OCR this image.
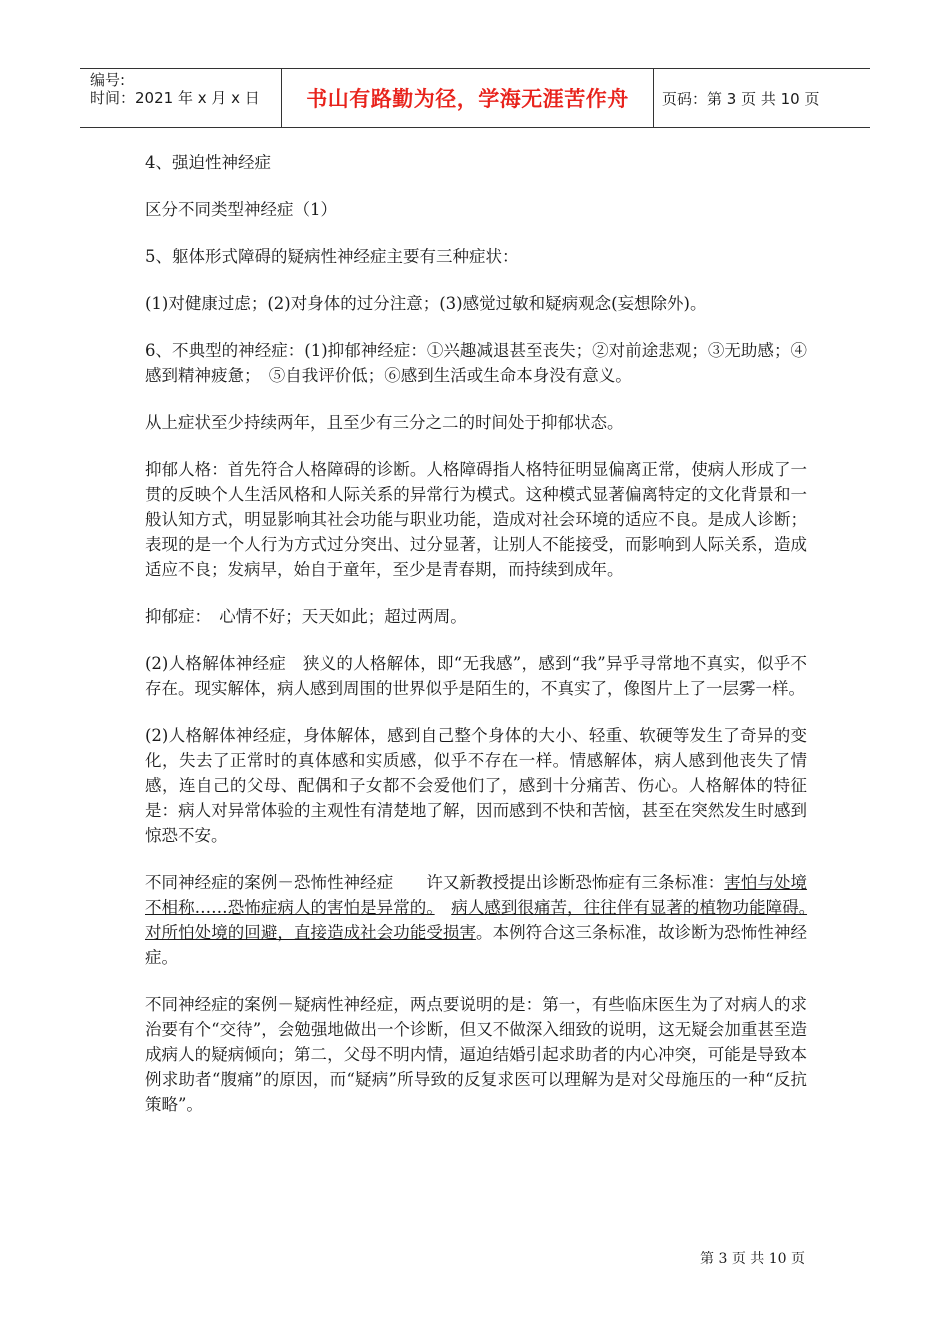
编号:
时间：2021 年 x 月 x 日	书山有路勤为径，学海无涯苦作舟 页码：第 3 页 共 10 页

4、强迫性神经症

区分不同类型神经症（1）

5、躯体形式障碍的疑病性神经症主要有三种症状：

(1)对健康过虑；(2)对身体的过分注意；(3)感觉过敏和疑病观念(妄想除外)。

6、不典型的神经症：(1)抑郁神经症：①兴趣减退甚至丧失；②对前途悲观；③无助感；④感到精神疲惫；　⑤自我评价低；⑥感到生活或生命本身没有意义。

从上症状至少持续两年，且至少有三分之二的时间处于抑郁状态。

抑郁人格：首先符合人格障碍的诊断。人格障碍指人格特征明显偏离正常，使病人形成了一贯的反映个人生活风格和人际关系的异常行为模式。这种模式显著偏离特定的文化背景和一般认知方式，明显影响其社会功能与职业功能，造成对社会环境的适应不良。是成人诊断；表现的是一个人行为方式过分突出、过分显著，让别人不能接受，而影响到人际关系，造成适应不良；发病早，始自于童年，至少是青春期，而持续到成年。

抑郁症：　心情不好；天天如此；超过两周。

(2)人格解体神经症　狭义的人格解体，即“无我感”，感到“我”异乎寻常地不真实，似乎不存在。现实解体，病人感到周围的世界似乎是陌生的，不真实了，像图片上了一层雾一样。

(2)人格解体神经症，身体解体，感到自己整个身体的大小、轻重、软硬等发生了奇异的变化，失去了正常时的真体感和实质感，似乎不存在一样。情感解体，病人感到他丧失了情感，连自己的父母、配偶和子女都不会爱他们了，感到十分痛苦、伤心。人格解体的特征是：病人对异常体验的主观性有清楚地了解，因而感到不快和苦恼，甚至在突然发生时感到惊恐不安。

不同神经症的案例－恐怖性神经症　　许又新教授提出诊断恐怖症有三条标准：害怕与处境不相称……恐怖症病人的害怕是异常的。　 病人感到很痛苦，往往伴有显著的植物功能障碍。　对所怕处境的回避，直接造成社会功能受损害。本例符合这三条标准，故诊断为恐怖性神经症。

不同神经症的案例－疑病性神经症，两点要说明的是：第一，有些临床医生为了对病人的求治要有个“交待”，会勉强地做出一个诊断，但又不做深入细致的说明，这无疑会加重甚至造成病人的疑病倾向；第二，父母不明内情，逼迫结婚引起求助者的内心冲突，可能是导致本例求助者“腹痛”的原因，而“疑病”所导致的反复求医可以理解为是对父母施压的一种“反抗策略”。

第 3 页 共 10 页
